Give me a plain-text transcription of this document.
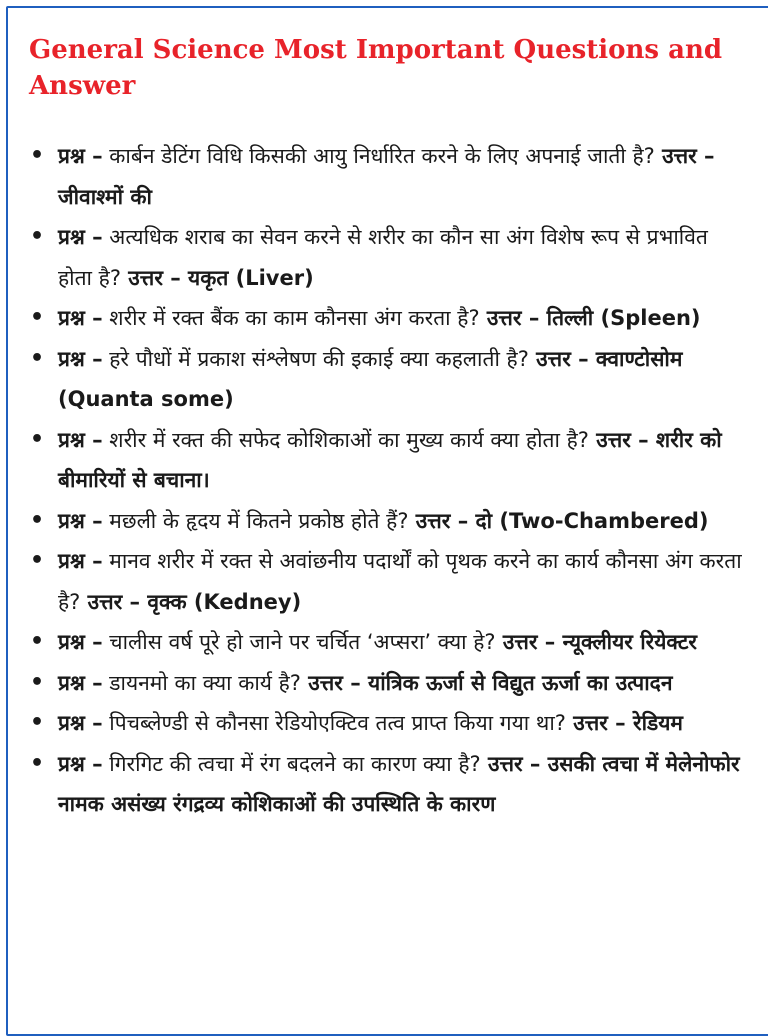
General Science Most Important Questions and Answer
• प्रश्न – कार्बन डेटिंग विधि किसकी आयु निर्धारित करने के लिए अपनाई जाती है? उत्तर – जीवाश्मों की
• प्रश्न – अत्यधिक शराब का सेवन करने से शरीर का कौन सा अंग विशेष रूप से प्रभावित होता है? उत्तर – यकृत (Liver)
• प्रश्न – शरीर में रक्त बैंक का काम कौनसा अंग करता है? उत्तर – तिल्ली (Spleen)
• प्रश्न – हरे पौधों में प्रकाश संश्लेषण की इकाई क्या कहलाती है? उत्तर – क्वाण्टोसोम (Quanta some)
• प्रश्न – शरीर में रक्त की सफेद कोशिकाओं का मुख्य कार्य क्या होता है? उत्तर – शरीर को बीमारियों से बचाना।
• प्रश्न – मछली के हृदय में कितने प्रकोष्ठ होते हैं? उत्तर – दो (Two-Chambered)
• प्रश्न – मानव शरीर में रक्त से अवांछनीय पदार्थों को पृथक करने का कार्य कौनसा अंग करता है? उत्तर – वृक्क (Kedney)
• प्रश्न – चालीस वर्ष पूरे हो जाने पर चर्चित ‘अप्सरा’ क्या हे? उत्तर – न्यूक्लीयर रियेक्टर
• प्रश्न – डायनमो का क्या कार्य है? उत्तर – यांत्रिक ऊर्जा से विद्युत ऊर्जा का उत्पादन
• प्रश्न – पिचब्लेण्डी से कौनसा रेडियोएक्टिव तत्व प्राप्त किया गया था? उत्तर – रेडियम
• प्रश्न – गिरगिट की त्वचा में रंग बदलने का कारण क्या है? उत्तर – उसकी त्वचा में मेलेनोफोर नामक असंख्य रंगद्रव्य कोशिकाओं की उपस्थिति के कारण
